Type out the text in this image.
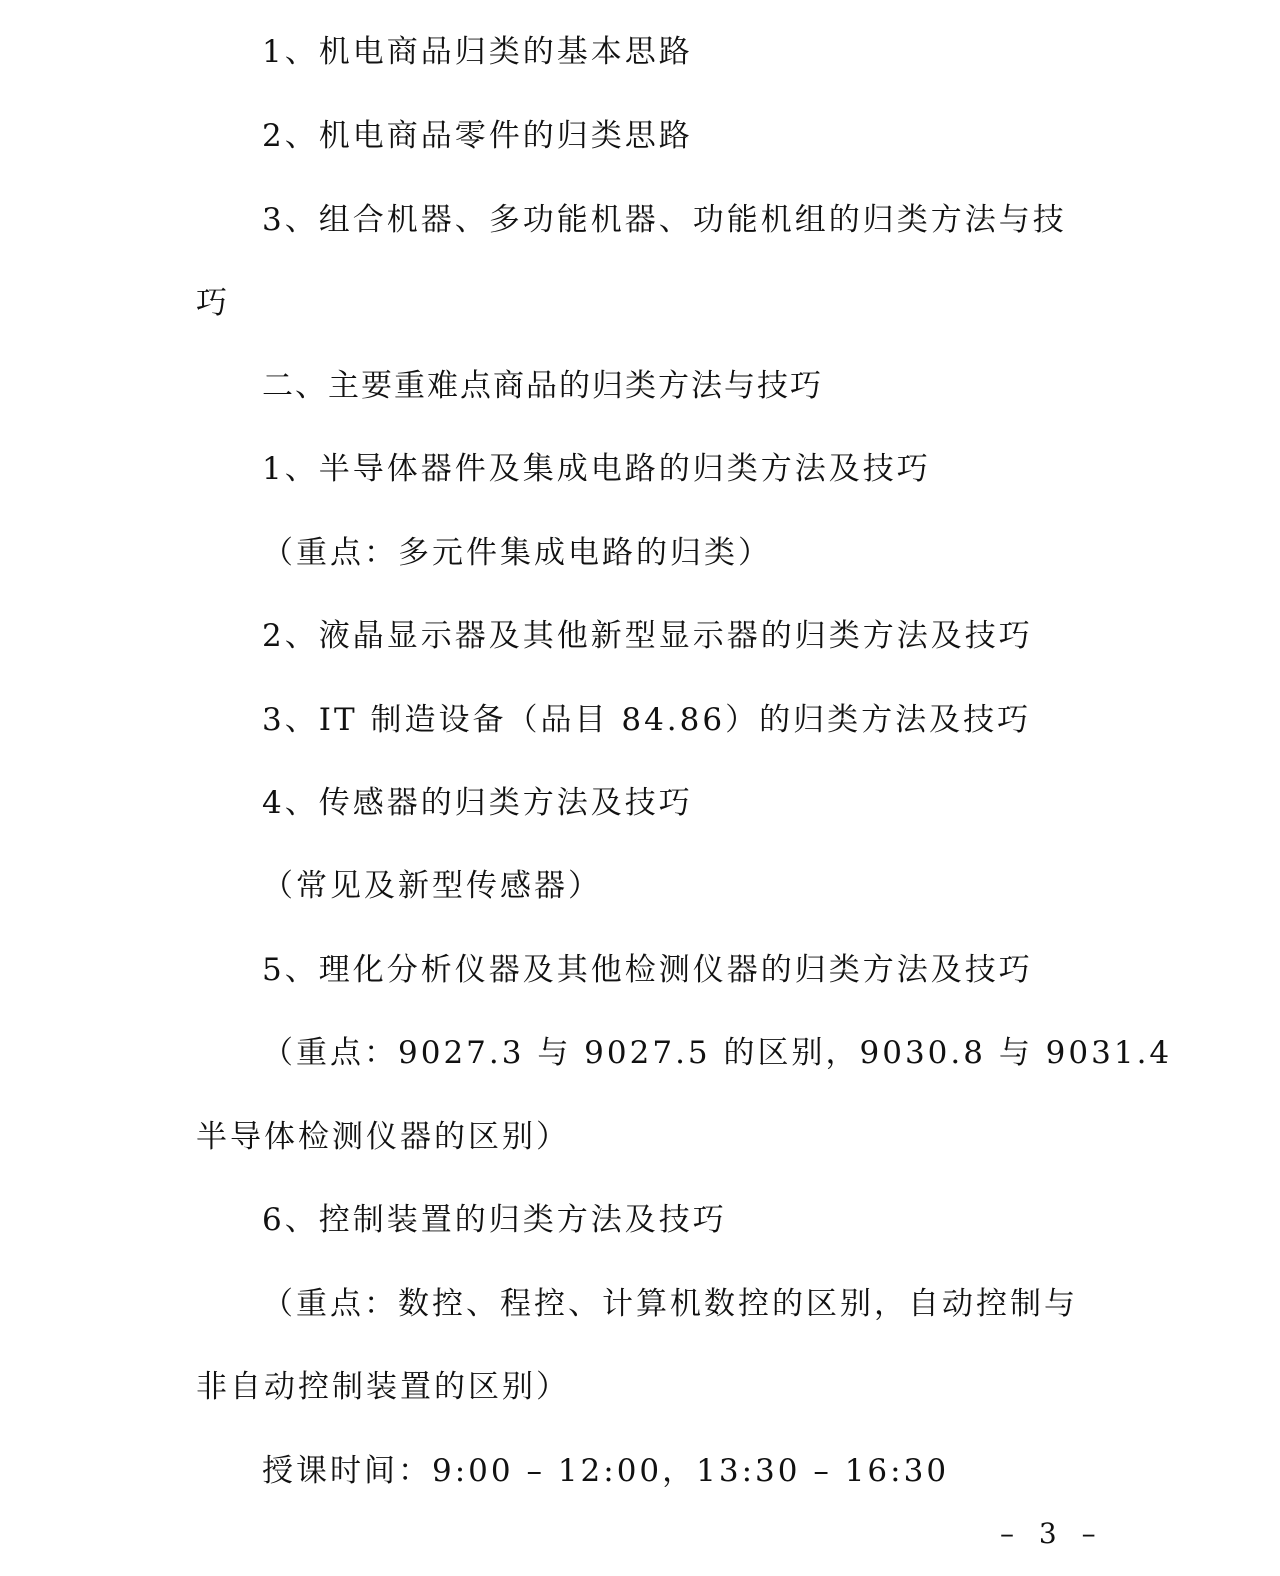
1、机电商品归类的基本思路

2、机电商品零件的归类思路

3、组合机器、多功能机器、功能机组的归类方法与技

巧

二、主要重难点商品的归类方法与技巧

1、半导体器件及集成电路的归类方法及技巧

（重点：多元件集成电路的归类）

2、液晶显示器及其他新型显示器的归类方法及技巧

3、IT 制造设备（品目 84.86）的归类方法及技巧

4、传感器的归类方法及技巧

（常见及新型传感器）

5、理化分析仪器及其他检测仪器的归类方法及技巧

（重点：9027.3 与 9027.5 的区别，9030.8 与 9031.4

半导体检测仪器的区别）

6、控制装置的归类方法及技巧

（重点：数控、程控、计算机数控的区别，自动控制与

非自动控制装置的区别）

授课时间：9:00 – 12:00，13:30 – 16:30

– 3 –
